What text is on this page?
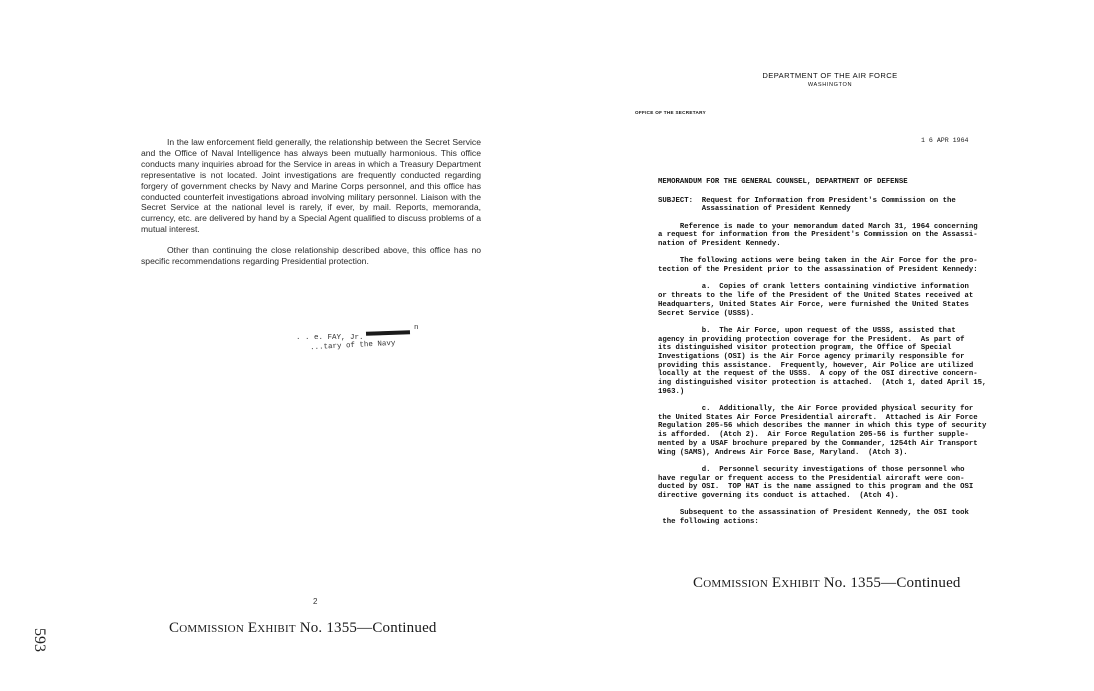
In the law enforcement field generally, the relationship between the Secret Service and the Office of Naval Intelligence has always been mutually harmonious. This office conducts many inquiries abroad for the Service in areas in which a Treasury Department representative is not located. Joint investigations are frequently conducted regarding forgery of government checks by Navy and Marine Corps personnel, and this office has conducted counterfeit investigations abroad involving military personnel. Liaison with the Secret Service at the national level is rarely, if ever, by mail. Reports, memoranda, currency, etc. are delivered by hand by a Special Agent qualified to discuss problems of a mutual interest.

Other than continuing the close relationship described above, this office has no specific recommendations regarding Presidential protection.

. . e. FAY, Jr.
...tary of the Navy
n
2
Commission Exhibit No. 1355—Continued
593
DEPARTMENT OF THE AIR FORCE
WASHINGTON
OFFICE OF THE SECRETARY
1 6 APR 1964
MEMORANDUM FOR THE GENERAL COUNSEL, DEPARTMENT OF DEFENSE
SUBJECT:  Request for Information from President's Commission on the
Assassination of President Kennedy
Reference is made to your memorandum dated March 31, 1964 concerning
a request for information from the President's Commission on the Assassi-
nation of President Kennedy.
The following actions were being taken in the Air Force for the pro-
tection of the President prior to the assassination of President Kennedy:
a.  Copies of crank letters containing vindictive information
or threats to the life of the President of the United States received at
Headquarters, United States Air Force, were furnished the United States
Secret Service (USSS).
b.  The Air Force, upon request of the USSS, assisted that
agency in providing protection coverage for the President.  As part of
its distinguished visitor protection program, the Office of Special
Investigations (OSI) is the Air Force agency primarily responsible for
providing this assistance.  Frequently, however, Air Police are utilized
locally at the request of the USSS.  A copy of the OSI directive concern-
ing distinguished visitor protection is attached.  (Atch 1, dated April 15,
1963.)
c.  Additionally, the Air Force provided physical security for
the United States Air Force Presidential aircraft.  Attached is Air Force
Regulation 205-56 which describes the manner in which this type of security
is afforded.  (Atch 2).  Air Force Regulation 205-56 is further supple-
mented by a USAF brochure prepared by the Commander, 1254th Air Transport
Wing (SAMS), Andrews Air Force Base, Maryland.  (Atch 3).
d.  Personnel security investigations of those personnel who
have regular or frequent access to the Presidential aircraft were con-
ducted by OSI.  TOP HAT is the name assigned to this program and the OSI
directive governing its conduct is attached.  (Atch 4).
Subsequent to the assassination of President Kennedy, the OSI took
the following actions:
Commission Exhibit No. 1355—Continued
